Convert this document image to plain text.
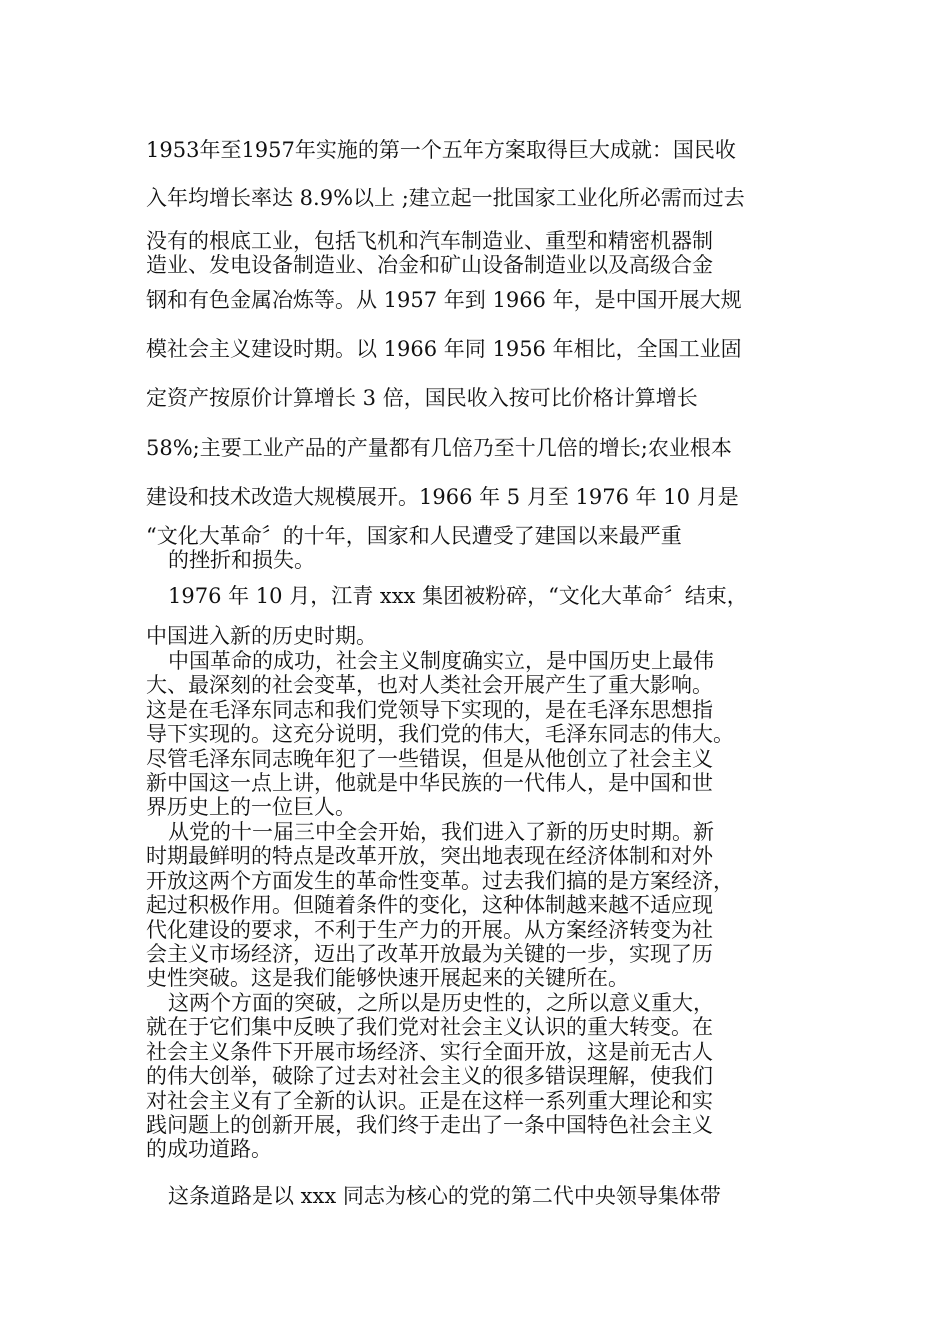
1953年至1957年实施的第一个五年方案取得巨大成就：国民收
入年均增长率达 8.9%以上 ;建立起一批国家工业化所必需而过去
没有的根底工业，包括飞机和汽车制造业、重型和精密机器制
造业、发电设备制造业、冶金和矿山设备制造业以及高级合金
钢和有色金属冶炼等。从 1957 年到 1966 年，是中国开展大规
模社会主义建设时期。以 1966 年同 1956 年相比，全国工业固
定资产按原价计算增长 3 倍，国民收入按可比价格计算增长
58%;主要工业产品的产量都有几倍乃至十几倍的增长;农业根本
建设和技术改造大规模展开。1966 年 5 月至 1976 年 10 月是
“文化大革命〞的十年，国家和人民遭受了建国以来最严重
的挫折和损失。
1976 年 10 月，江青 xxx 集团被粉碎，“文化大革命〞结束，
中国进入新的历史时期。

中国革命的成功，社会主义制度确实立，是中国历史上最伟

大、最深刻的社会变革，也对人类社会开展产生了重大影响。

这是在毛泽东同志和我们党领导下实现的，是在毛泽东思想指

导下实现的。这充分说明，我们党的伟大，毛泽东同志的伟大。

尽管毛泽东同志晚年犯了一些错误，但是从他创立了社会主义

新中国这一点上讲，他就是中华民族的一代伟人，是中国和世

界历史上的一位巨人。

从党的十一届三中全会开始，我们进入了新的历史时期。新

时期最鲜明的特点是改革开放，突出地表现在经济体制和对外

开放这两个方面发生的革命性变革。过去我们搞的是方案经济，

起过积极作用。但随着条件的变化，这种体制越来越不适应现

代化建设的要求，不利于生产力的开展。从方案经济转变为社

会主义市场经济，迈出了改革开放最为关键的一步，实现了历

史性突破。这是我们能够快速开展起来的关键所在。

这两个方面的突破，之所以是历史性的，之所以意义重大，

就在于它们集中反映了我们党对社会主义认识的重大转变。在

社会主义条件下开展市场经济、实行全面开放，这是前无古人

的伟大创举，破除了过去对社会主义的很多错误理解，使我们

对社会主义有了全新的认识。正是在这样一系列重大理论和实

践问题上的创新开展，我们终于走出了一条中国特色社会主义

的成功道路。

这条道路是以 xxx 同志为核心的党的第二代中央领导集体带
